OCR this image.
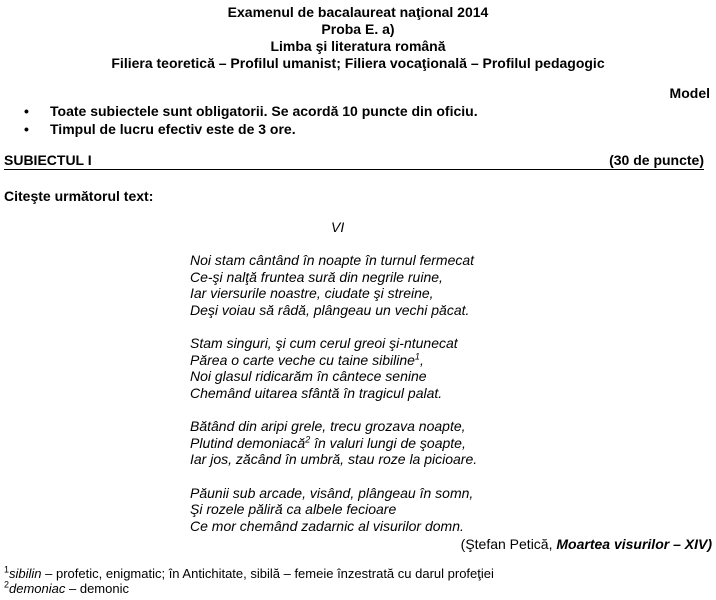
Examenul de bacalaureat naţional 2014
Proba E. a)
Limba şi literatura română
Filiera teoretică – Profilul umanist; Filiera vocaţională – Profilul pedagogic
Model
• Toate subiectele sunt obligatorii. Se acordă 10 puncte din oficiu.
• Timpul de lucru efectiv este de 3 ore.
SUBIECTUL I	(30 de puncte)
Citeşte următorul text:
VI
Noi stam cântând în noapte în turnul fermecat
Ce-şi nalţă fruntea sură din negrile ruine,
Iar viersurile noastre, ciudate şi streine,
Deşi voiau să râdă, plângeau un vechi păcat.
Stam singuri, şi cum cerul greoi şi-ntunecat
Părea o carte veche cu taine sibiline$^1$,
Noi glasul ridicarăm în cântece senine
Chemând uitarea sfântă în tragicul palat.
Bătând din aripi grele, trecu grozava noapte,
Plutind demoniacă$^2$ în valuri lungi de şoapte,
Iar jos, zăcând în umbră, stau roze la picioare.
Păunii sub arcade, visând, plângeau în somn,
Şi rozele păliră ca albele fecioare
Ce mor chemând zadarnic al visurilor domn.
(Ştefan Petică, Moartea visurilor – XIV)
$^1$sibilin – profetic, enigmatic; în Antichitate, sibilă – femeie înzestrată cu darul profeţiei
$^2$demoniac – demonic
